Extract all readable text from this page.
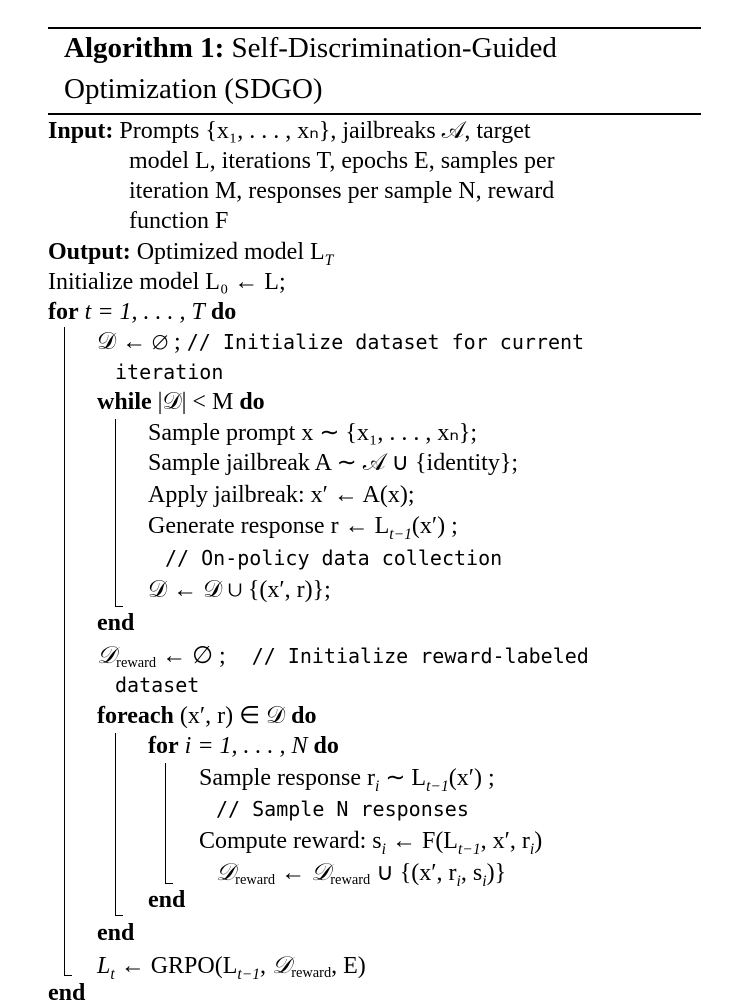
Algorithm 1: Self-Discrimination-Guided
Optimization (SDGO)
Input: Prompts {x₁, . . . , xₙ}, jailbreaks 𝒜, target
model L, iterations T, epochs E, samples per
iteration M, responses per sample N, reward
function F
Output: Optimized model $L_T$
Initialize model L₀ ← L;
for t = 1, . . . , T do
𝒟 ← ∅ ; // Initialize dataset for current
iteration
while |𝒟| < M do
Sample prompt x ∼ {x₁, . . . , xₙ};
Sample jailbreak A ∼ 𝒜 ∪ {identity};
Apply jailbreak: x′ ← A(x);
Generate response r ← $L_{t-1}(x')$ ;
// On-policy data collection
𝒟 ← 𝒟 ∪ {(x′, r)};
end
𝒟reward ← ∅ ; // Initialize reward-labeled
dataset
foreach (x′, r) ∈ 𝒟 do
for i = 1, . . . , N do
Sample response $r_i$ ∼ $L_{t-1}(x')$ ;
// Sample N responses
Compute reward: $s_i$ ← $F(L_{t-1}$, x′, $r_i$)
𝒟reward ← 𝒟reward ∪ {(x′, $r_i$, $s_i$)}
end
end
$L_t$ ← $GRPO(L_{t-1}$, 𝒟reward, E)
end
